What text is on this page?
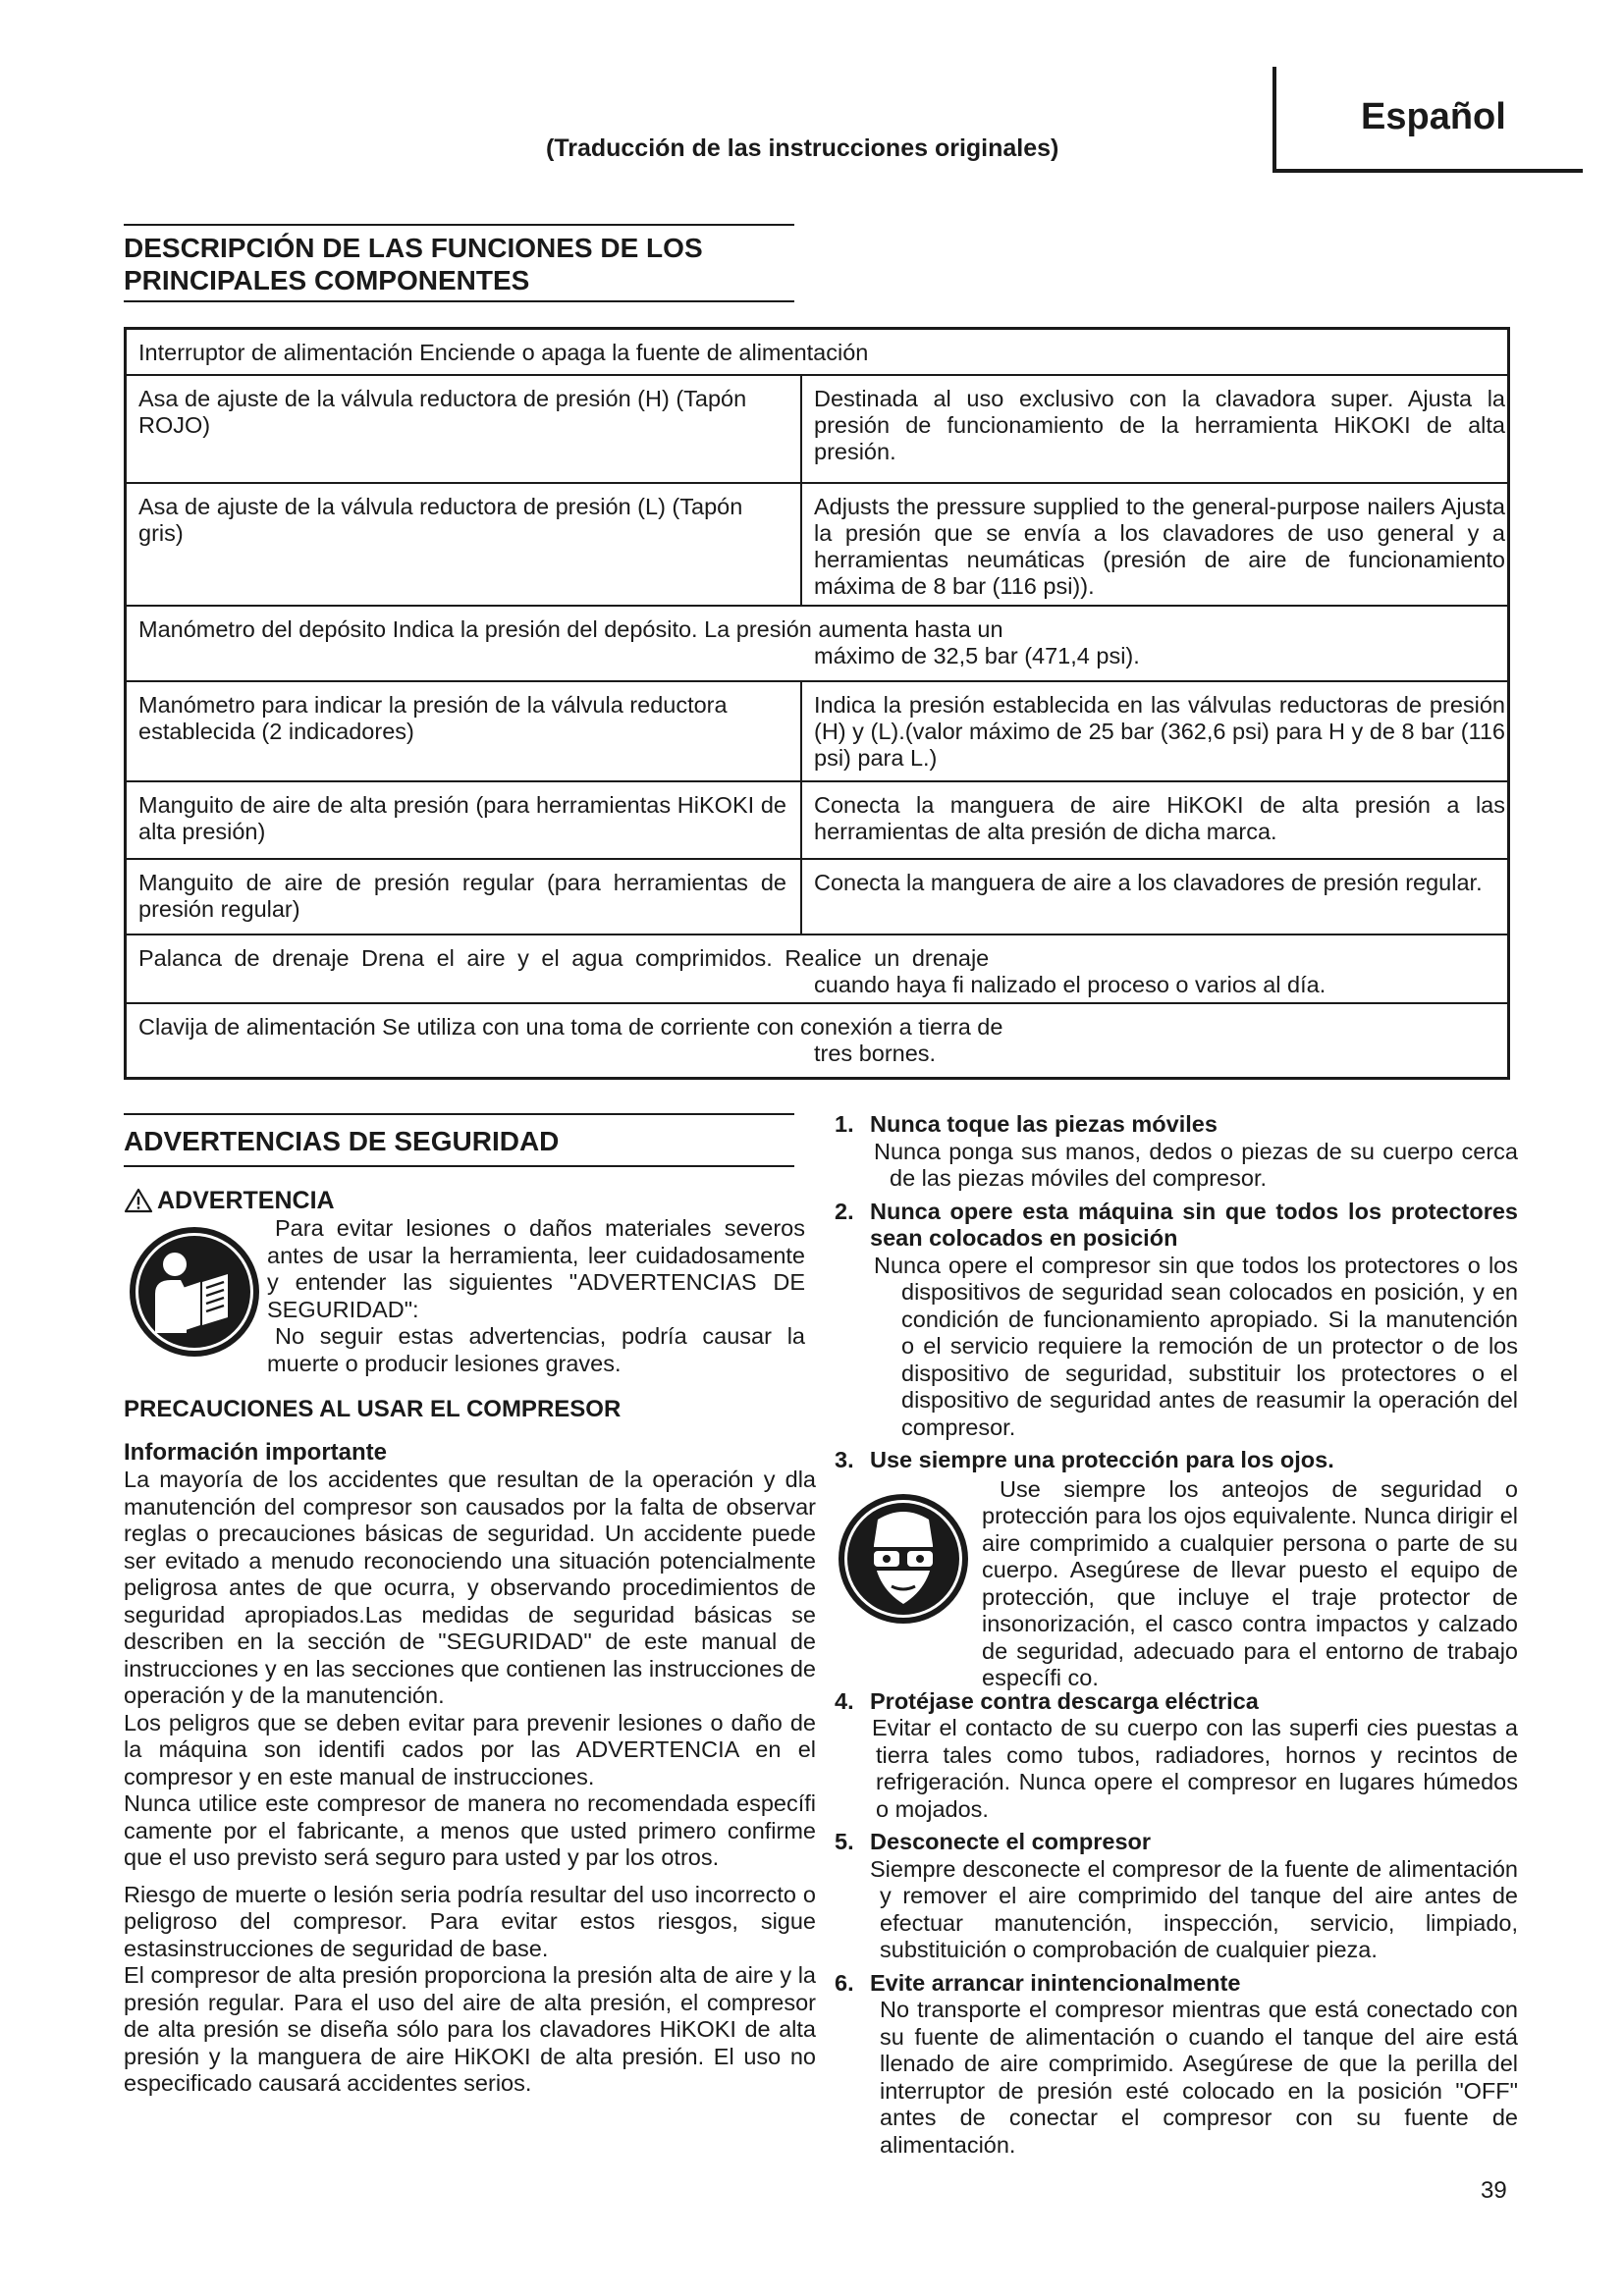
Español
(Traducción de las instrucciones originales)
DESCRIPCIÓN DE LAS FUNCIONES DE LOS
PRINCIPALES COMPONENTES
Interruptor de alimentación Enciende o apaga la fuente de alimentación
Asa de ajuste de la válvula reductora de presión (H) (Tapón ROJO)
Destinada al uso exclusivo con la clavadora super. Ajusta la presión de funcionamiento de la herramienta HiKOKI de alta presión.
Asa de ajuste de la válvula reductora de presión (L) (Tapón gris)
Adjusts the pressure supplied to the general-purpose nailers Ajusta la presión que se envía a los clavadores de uso general y a herramientas neumáticas (presión de aire de funcionamiento máxima de 8 bar (116 psi)).
Manómetro del depósito Indica la presión del depósito. La presión aumenta hasta un
máximo de 32,5 bar (471,4 psi).
Manómetro para indicar la presión de la válvula reductora establecida (2 indicadores)
Indica la presión establecida en las válvulas reductoras de presión (H) y (L).(valor máximo de 25 bar (362,6 psi) para H y de 8 bar (116 psi) para L.)
Manguito de aire de alta presión (para herramientas HiKOKI de alta presión)
Conecta la manguera de aire HiKOKI de alta presión a las herramientas de alta presión de dicha marca.
Manguito de aire de presión regular (para herramientas de presión regular)
Conecta la manguera de aire a los clavadores de presión regular.
Palanca de drenaje Drena el aire y el agua comprimidos. Realice un drenaje
cuando haya fi nalizado el proceso o varios al día.
Clavija de alimentación Se utiliza con una toma de corriente con conexión a tierra de
tres bornes.
ADVERTENCIAS DE SEGURIDAD
ADVERTENCIA

Para evitar lesiones o daños materiales severos antes de usar la herramienta, leer cuidadosamente y entender las siguientes "ADVERTENCIAS DE SEGURIDAD":

No seguir estas advertencias, podría causar la muerte o producir lesiones graves.

PRECAUCIONES AL USAR EL COMPRESOR
Información importante

La mayoría de los accidentes que resultan de la operación y dla manutención del compresor son causados por la falta de observar reglas o precauciones básicas de seguridad. Un accidente puede ser evitado a menudo reconociendo una situación potencialmente peligrosa antes de que ocurra, y observando procedimientos de seguridad apropiados.Las medidas de seguridad básicas se describen en la sección de "SEGURIDAD" de este manual de instrucciones y en las secciones que contienen las instrucciones de operación y de la manutención.

Los peligros que se deben evitar para prevenir lesiones o daño de la máquina son identifi cados por las ADVERTENCIA en el compresor y en este manual de instrucciones.

Nunca utilice este compresor de manera no recomendada específi camente por el fabricante, a menos que usted primero confirme que el uso previsto será seguro para usted y par los otros.

Riesgo de muerte o lesión seria podría resultar del uso incorrecto o peligroso del compresor. Para evitar estos riesgos, sigue estasinstrucciones de seguridad de base.

El compresor de alta presión proporciona la presión alta de aire y la presión regular. Para el uso del aire de alta presión, el compresor de alta presión se diseña sólo para los clavadores HiKOKI de alta presión y la manguera de aire HiKOKI de alta presión. El uso no especificado causará accidentes serios.

1. Nunca toque las piezas móviles
Nunca ponga sus manos, dedos o piezas de su cuerpo cerca de las piezas móviles del compresor.
2. Nunca opere esta máquina sin que todos los protectores sean colocados en posición
Nunca opere el compresor sin que todos los protectores o los dispositivos de seguridad sean colocados en posición, y en condición de funcionamiento apropiado. Si la manutención o el servicio requiere la remoción de un protector o de los dispositivo de seguridad, substituir los protectores o el dispositivo de seguridad antes de reasumir la operación del compresor.
3. Use siempre una protección para los ojos.
Use siempre los anteojos de seguridad o protección para los ojos equivalente. Nunca dirigir el aire comprimido a cualquier persona o parte de su cuerpo. Asegúrese de llevar puesto el equipo de protección, que incluye el traje protector de insonorización, el casco contra impactos y calzado de seguridad, adecuado para el entorno de trabajo específi co.
4. Protéjase contra descarga eléctrica
Evitar el contacto de su cuerpo con las superfi cies puestas a tierra tales como tubos, radiadores, hornos y recintos de refrigeración. Nunca opere el compresor en lugares húmedos o mojados.
5. Desconecte el compresor
Siempre desconecte el compresor de la fuente de alimentación y remover el aire comprimido del tanque del aire antes de efectuar manutención, inspección, servicio, limpiado, substituición o comprobación de cualquier pieza.
6. Evite arrancar inintencionalmente
No transporte el compresor mientras que está conectado con su fuente de alimentación o cuando el tanque del aire está llenado de aire comprimido. Asegúrese de que la perilla del interruptor de presión esté colocado en la posición "OFF" antes de conectar el compresor con su fuente de alimentación.
39
